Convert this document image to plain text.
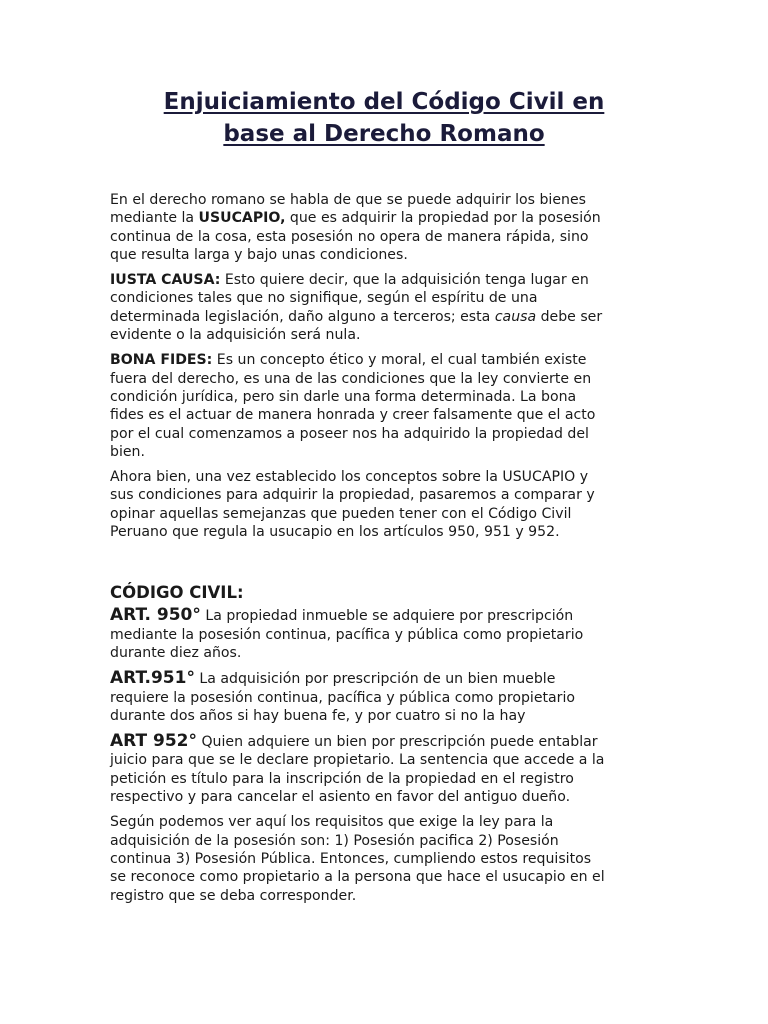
Enjuiciamiento del Código Civil en
base al Derecho Romano
En el derecho romano se habla de que se puede adquirir los bienes
mediante la USUCAPIO, que es adquirir la propiedad por la posesión
continua de la cosa, esta posesión no opera de manera rápida, sino
que resulta larga y bajo unas condiciones.
IUSTA CAUSA: Esto quiere decir, que la adquisición tenga lugar en
condiciones tales que no signifique, según el espíritu de una
determinada legislación, daño alguno a terceros; esta causa debe ser
evidente o la adquisición será nula.
BONA FIDES: Es un concepto ético y moral, el cual también existe
fuera del derecho, es una de las condiciones que la ley convierte en
condición jurídica, pero sin darle una forma determinada. La bona
fides es el actuar de manera honrada y creer falsamente que el acto
por el cual comenzamos a poseer nos ha adquirido la propiedad del
bien.
Ahora bien, una vez establecido los conceptos sobre la USUCAPIO y
sus condiciones para adquirir la propiedad, pasaremos a comparar y
opinar aquellas semejanzas que pueden tener con el Código Civil
Peruano que regula la usucapio en los artículos 950, 951 y 952.
CÓDIGO CIVIL:
ART. 950° La propiedad inmueble se adquiere por prescripción
mediante la posesión continua, pacífica y pública como propietario
durante diez años.
ART.951° La adquisición por prescripción de un bien mueble
requiere la posesión continua, pacífica y pública como propietario
durante dos años si hay buena fe, y por cuatro si no la hay
ART 952° Quien adquiere un bien por prescripción puede entablar
juicio para que se le declare propietario. La sentencia que accede a la
petición es título para la inscripción de la propiedad en el registro
respectivo y para cancelar el asiento en favor del antiguo dueño.
Según podemos ver aquí los requisitos que exige la ley para la
adquisición de la posesión son: 1) Posesión pacifica 2) Posesión
continua 3) Posesión Pública. Entonces, cumpliendo estos requisitos
se reconoce como propietario a la persona que hace el usucapio en el
registro que se deba corresponder.
